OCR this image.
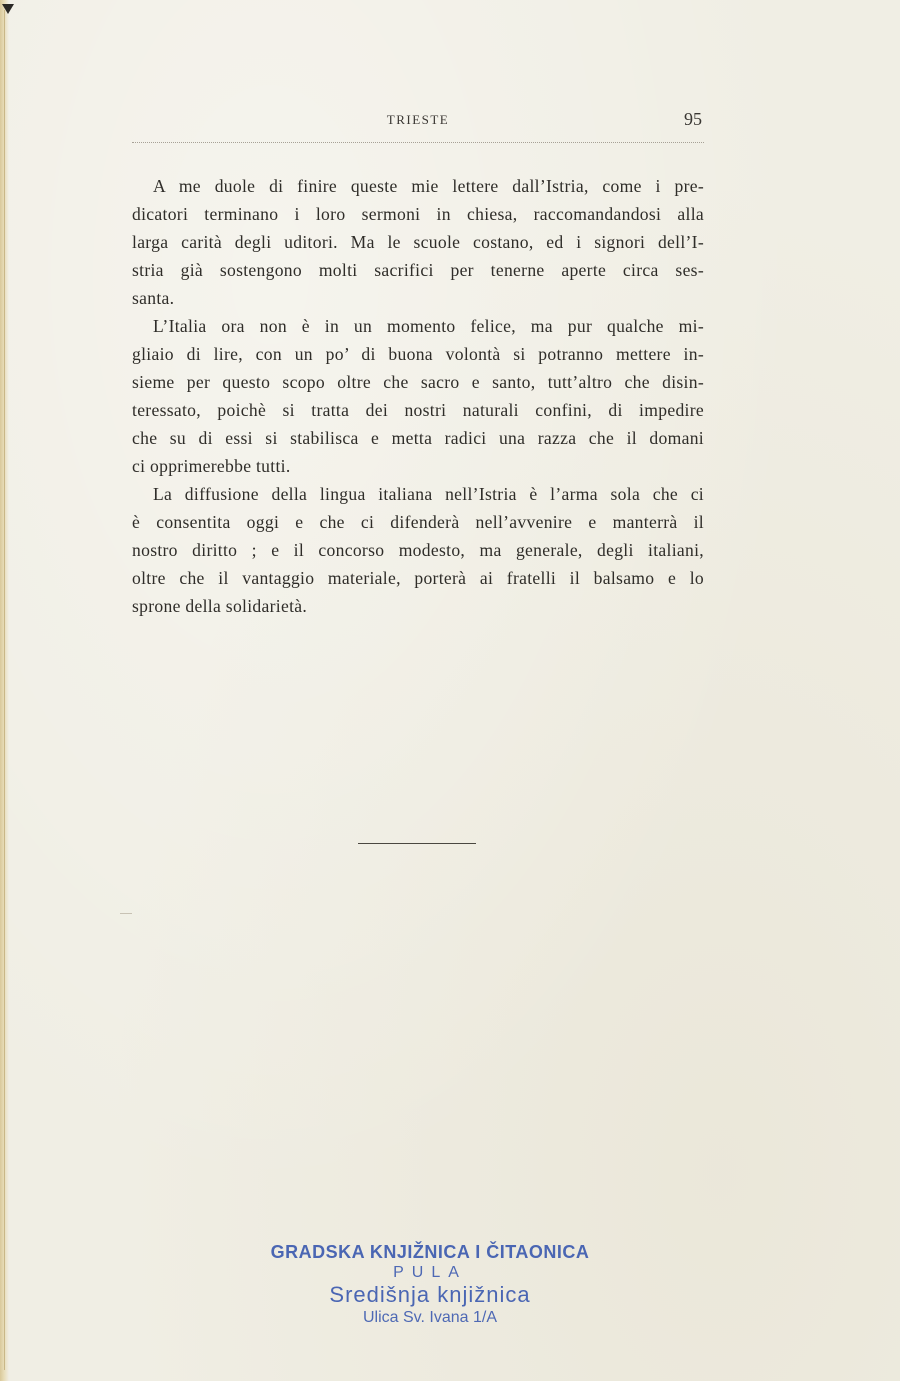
TRIESTE	95

A me duole di finire queste mie lettere dall’Istria, come i pre-
dicatori terminano i loro sermoni in chiesa, raccomandandosi alla
larga carità degli uditori. Ma le scuole costano, ed i signori dell’I-
stria già sostengono molti sacrifici per tenerne aperte circa ses-
santa.

L’Italia ora non è in un momento felice, ma pur qualche mi-
gliaio di lire, con un po’ di buona volontà si potranno mettere in-
sieme per questo scopo oltre che sacro e santo, tutt’altro che disin-
teressato, poichè si tratta dei nostri naturali confini, di impedire
che su di essi si stabilisca e metta radici una razza che il domani
ci opprimerebbe tutti.

La diffusione della lingua italiana nell’Istria è l’arma sola che ci
è consentita oggi e che ci difenderà nell’avvenire e manterrà il
nostro diritto ; e il concorso modesto, ma generale, degli italiani,
oltre che il vantaggio materiale, porterà ai fratelli il balsamo e lo
sprone della solidarietà.

GRADSKA KNJIŽNICA I ČITAONICA
PULA
Središnja knjižnica
Ulica Sv. Ivana 1/A
